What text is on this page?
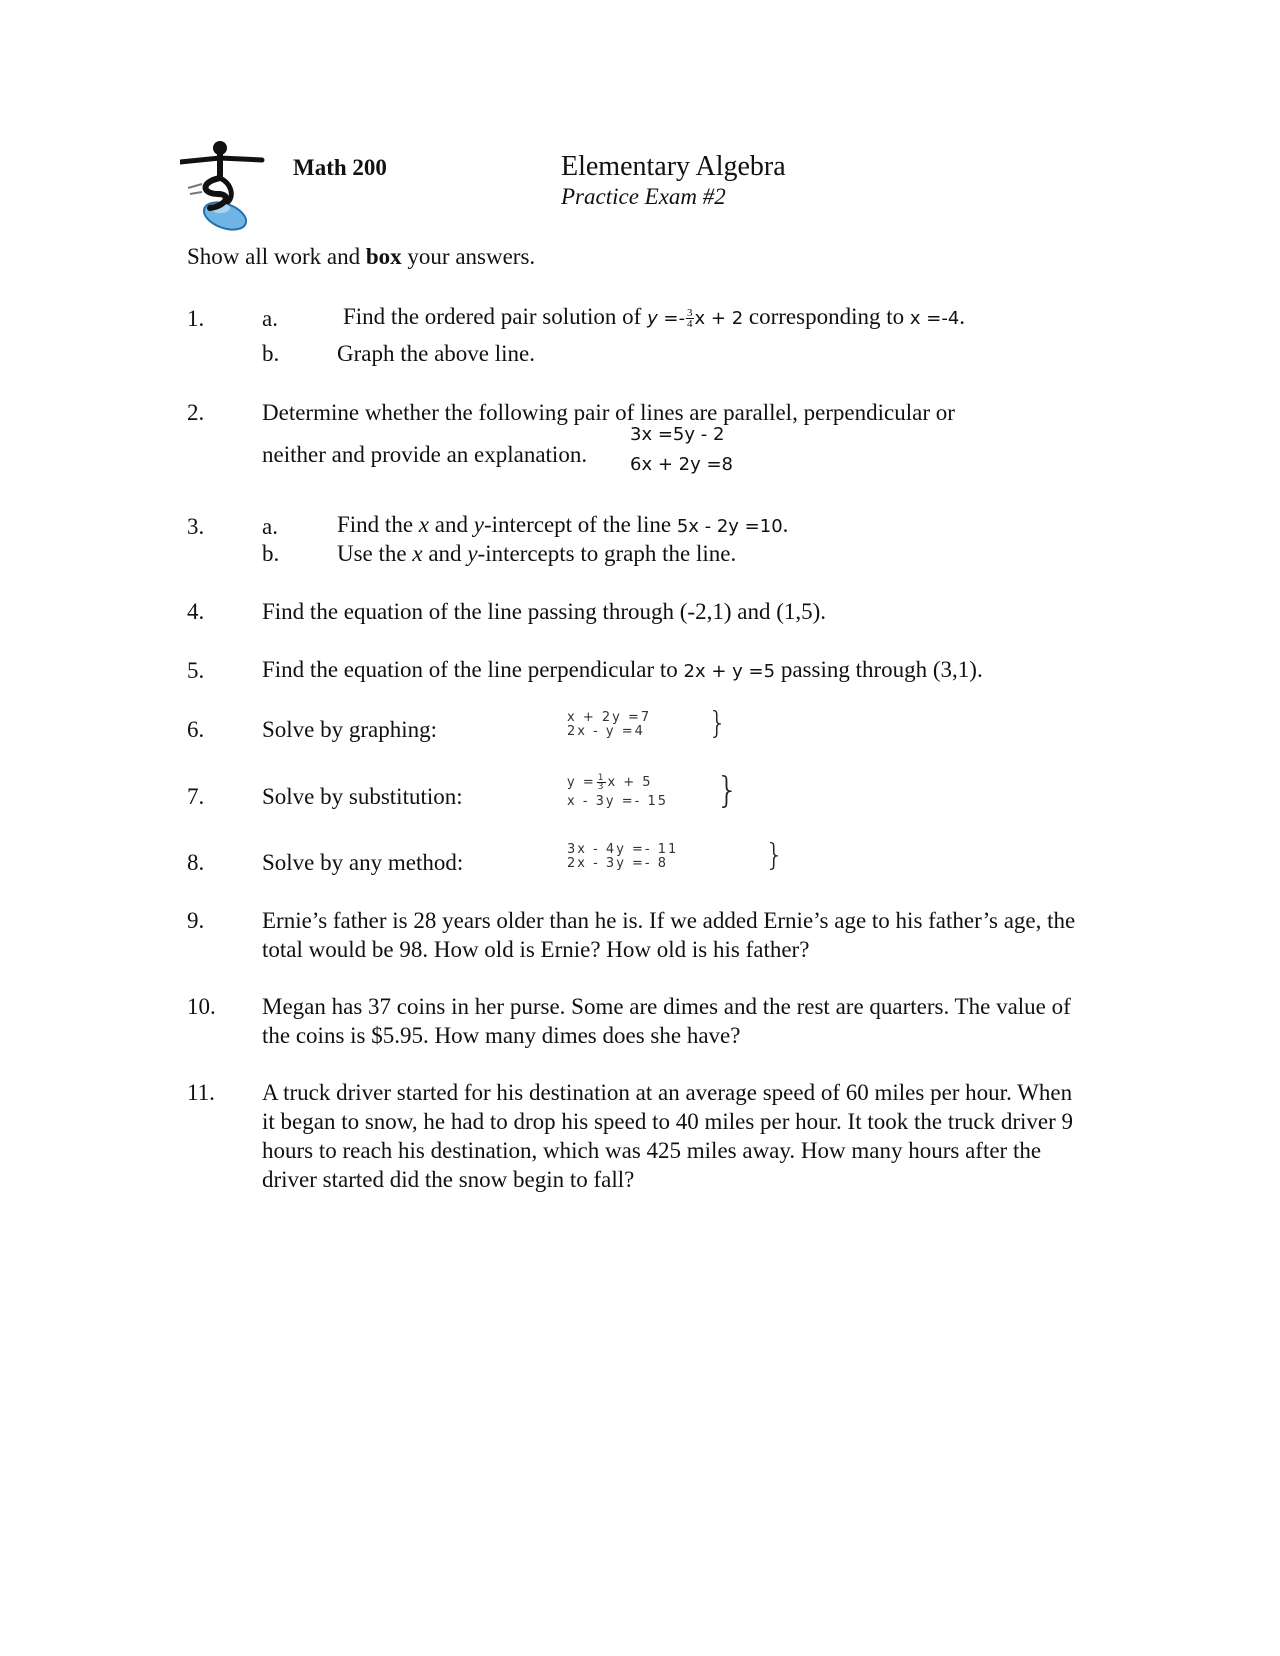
Math 200	Elementary Algebra
Practice Exam #2
Show all work and box your answers.
1.	a.	Find the ordered pair solution of $y =- \frac{3}{4}$ x + 2 corresponding to x =-4.
b.	Graph the above line.
2.	Determine whether the following pair of lines are parallel, perpendicular or
neither and provide an explanation.
3x =5y - 2
6x + 2y =8
3.	a.	Find the x and y-intercept of the line 5x - 2y =10.
b.	Use the x and y-intercepts to graph the line.
4.	Find the equation of the line passing through (-2,1) and (1,5).
5.	Find the equation of the line perpendicular to 2x + y =5 passing through (3,1).
6.	Solve by graphing:	x + 2y =7
2x - y =4 }
7.	Solve by substitution:
$y = \frac{1}{3}$ x + 5
x - 3y =- 15 }
8.	Solve by any method:
3x - 4y =- 11
2x - 3y =- 8	}
9.	Ernie’s father is 28 years older than he is. If we added Ernie’s age to his father’s age, the total would be 98. How old is Ernie? How old is his father?
10. Megan has 37 coins in her purse. Some are dimes and the rest are quarters. The value of the coins is $5.95. How many dimes does she have?
11. A truck driver started for his destination at an average speed of 60 miles per hour. When it began to snow, he had to drop his speed to 40 miles per hour. It took the truck driver 9 hours to reach his destination, which was 425 miles away. How many hours after the driver started did the snow begin to fall?
